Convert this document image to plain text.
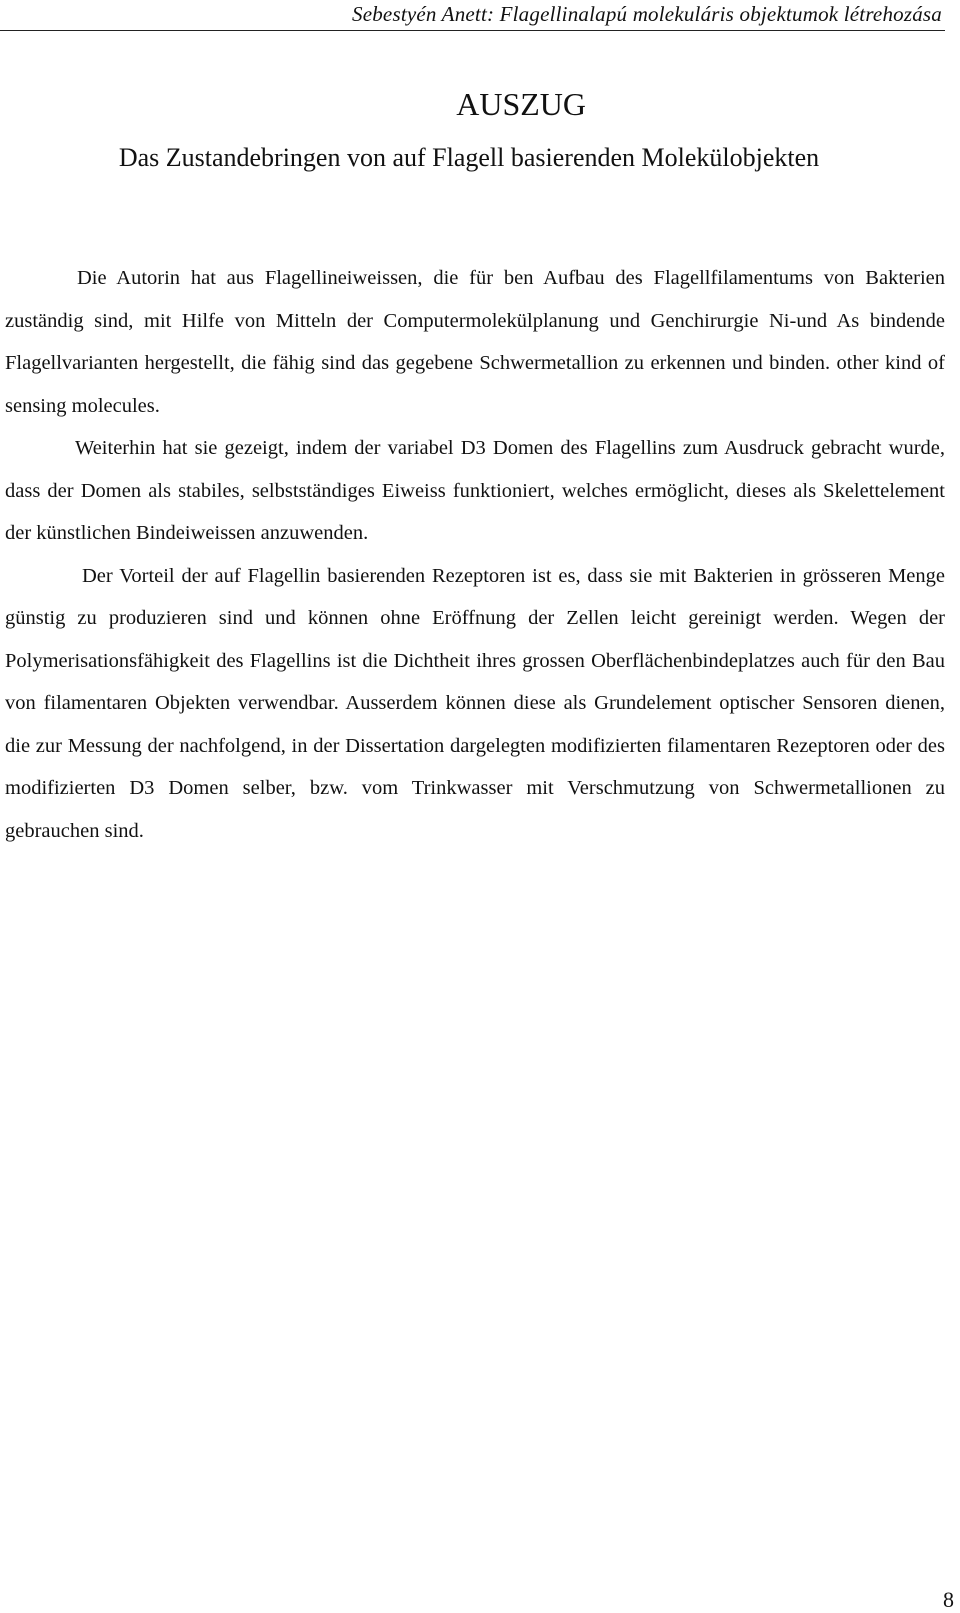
Sebestyén Anett: Flagellinalapú molekuláris objektumok létrehozása
AUSZUG
Das Zustandebringen von auf Flagell basierenden Molekülobjekten

Die Autorin hat aus Flagellineiweissen, die für ben Aufbau des Flagellfilamentums von Bakterien zuständig sind, mit Hilfe von Mitteln der Computermolekülplanung und Genchirurgie Ni-und As bindende Flagellvarianten hergestellt, die fähig sind das gegebene Schwermetallion zu erkennen und binden. other kind of sensing molecules.

Weiterhin hat sie gezeigt, indem der variabel D3 Domen des Flagellins zum Ausdruck gebracht wurde, dass der Domen als stabiles, selbstständiges Eiweiss funktioniert, welches ermöglicht, dieses als Skelettelement der künstlichen Bindeiweissen anzuwenden.

Der Vorteil der auf Flagellin basierenden Rezeptoren ist es, dass sie mit Bakterien in grösseren Menge günstig zu produzieren sind und können ohne Eröffnung der Zellen leicht gereinigt werden. Wegen der Polymerisationsfähigkeit des Flagellins ist die Dichtheit ihres grossen Oberflächenbindeplatzes auch für den Bau von filamentaren Objekten verwendbar. Ausserdem können diese als Grundelement optischer Sensoren dienen, die zur Messung der nachfolgend, in der Dissertation dargelegten modifizierten filamentaren Rezeptoren oder des modifizierten D3 Domen selber, bzw. vom Trinkwasser mit Verschmutzung von Schwermetallionen zu gebrauchen sind.

8
